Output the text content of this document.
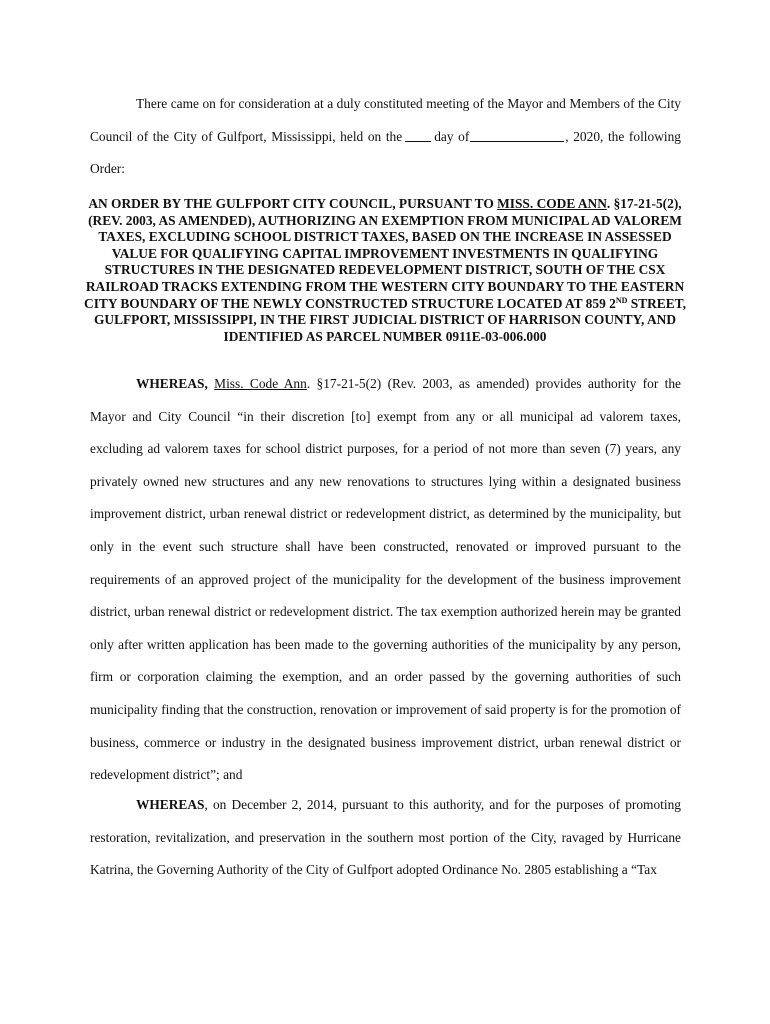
There came on for consideration at a duly constituted meeting of the Mayor and Members of the City Council of the City of Gulfport, Mississippi, held on the day of	, 2020, the following Order:

AN ORDER BY THE GULFPORT CITY COUNCIL, PURSUANT TO MISS. CODE ANN. §17-21-5(2), (REV. 2003, AS AMENDED), AUTHORIZING AN EXEMPTION FROM MUNICIPAL AD VALOREM TAXES, EXCLUDING SCHOOL DISTRICT TAXES, BASED ON THE INCREASE IN ASSESSED VALUE FOR QUALIFYING CAPITAL IMPROVEMENT INVESTMENTS IN QUALIFYING STRUCTURES IN THE DESIGNATED REDEVELOPMENT DISTRICT, SOUTH OF THE CSX RAILROAD TRACKS EXTENDING FROM THE WESTERN CITY BOUNDARY TO THE EASTERN CITY BOUNDARY OF THE NEWLY CONSTRUCTED STRUCTURE LOCATED AT 859 2ND STREET, GULFPORT, MISSISSIPPI, IN THE FIRST JUDICIAL DISTRICT OF HARRISON COUNTY, AND IDENTIFIED AS PARCEL NUMBER 0911E-03-006.000

WHEREAS, Miss. Code Ann. §17-21-5(2) (Rev. 2003, as amended) provides authority for the Mayor and City Council “in their discretion [to] exempt from any or all municipal ad valorem taxes, excluding ad valorem taxes for school district purposes, for a period of not more than seven (7) years, any privately owned new structures and any new renovations to structures lying within a designated business improvement district, urban renewal district or redevelopment district, as determined by the municipality, but only in the event such structure shall have been constructed, renovated or improved pursuant to the requirements of an approved project of the municipality for the development of the business improvement district, urban renewal district or redevelopment district. The tax exemption authorized herein may be granted only after written application has been made to the governing authorities of the municipality by any person, firm or corporation claiming the exemption, and an order passed by the governing authorities of such municipality finding that the construction, renovation or improvement of said property is for the promotion of business, commerce or industry in the designated business improvement district, urban renewal district or redevelopment district”; and

WHEREAS, on December 2, 2014, pursuant to this authority, and for the purposes of promoting restoration, revitalization, and preservation in the southern most portion of the City, ravaged by Hurricane Katrina, the Governing Authority of the City of Gulfport adopted Ordinance No. 2805 establishing a “Tax
